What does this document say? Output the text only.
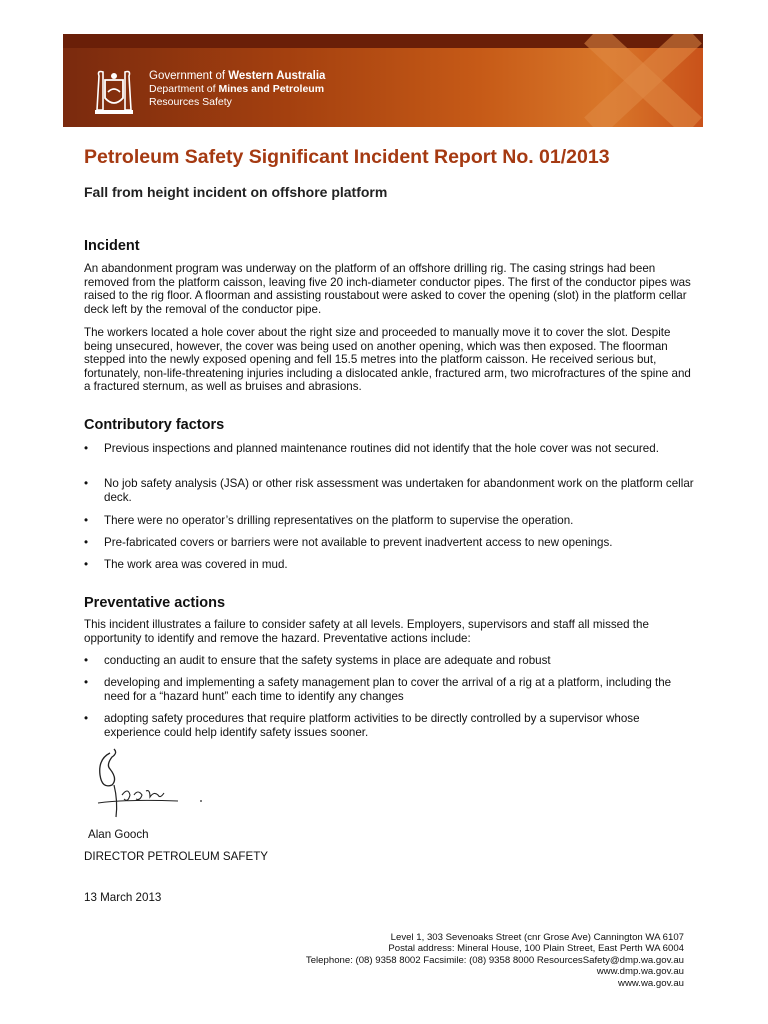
Government of Western Australia
Department of Mines and Petroleum
Resources Safety
Petroleum Safety Significant Incident Report No. 01/2013
Fall from height incident on offshore platform
Incident
An abandonment program was underway on the platform of an offshore drilling rig. The casing strings had been removed from the platform caisson, leaving five 20 inch-diameter conductor pipes. The first of the conductor pipes was raised to the rig floor. A floorman and assisting roustabout were asked to cover the opening (slot) in the platform cellar deck left by the removal of the conductor pipe.
The workers located a hole cover about the right size and proceeded to manually move it to cover the slot. Despite being unsecured, however, the cover was being used on another opening, which was then exposed. The floorman stepped into the newly exposed opening and fell 15.5 metres into the platform caisson. He received serious but, fortunately, non-life-threatening injuries including a dislocated ankle, fractured arm, two microfractures of the spine and a fractured sternum, as well as bruises and abrasions.
Contributory factors
• Previous inspections and planned maintenance routines did not identify that the hole cover was not secured.
• No job safety analysis (JSA) or other risk assessment was undertaken for abandonment work on the platform cellar deck.
• There were no operator’s drilling representatives on the platform to supervise the operation.
• Pre-fabricated covers or barriers were not available to prevent inadvertent access to new openings.
• The work area was covered in mud.
Preventative actions
This incident illustrates a failure to consider safety at all levels. Employers, supervisors and staff all missed the opportunity to identify and remove the hazard. Preventative actions include:
• conducting an audit to ensure that the safety systems in place are adequate and robust
• developing and implementing a safety management plan to cover the arrival of a rig at a platform, including the need for a “hazard hunt” each time to identify any changes
• adopting safety procedures that require platform activities to be directly controlled by a supervisor whose experience could help identify safety issues sooner.
Alan Gooch
DIRECTOR PETROLEUM SAFETY
13 March 2013
Level 1, 303 Sevenoaks Street (cnr Grose Ave) Cannington WA 6107
Postal address: Mineral House, 100 Plain Street, East Perth WA 6004
Telephone: (08) 9358 8002 Facsimile: (08) 9358 8000 ResourcesSafety@dmp.wa.gov.au
www.dmp.wa.gov.au
www.wa.gov.au
